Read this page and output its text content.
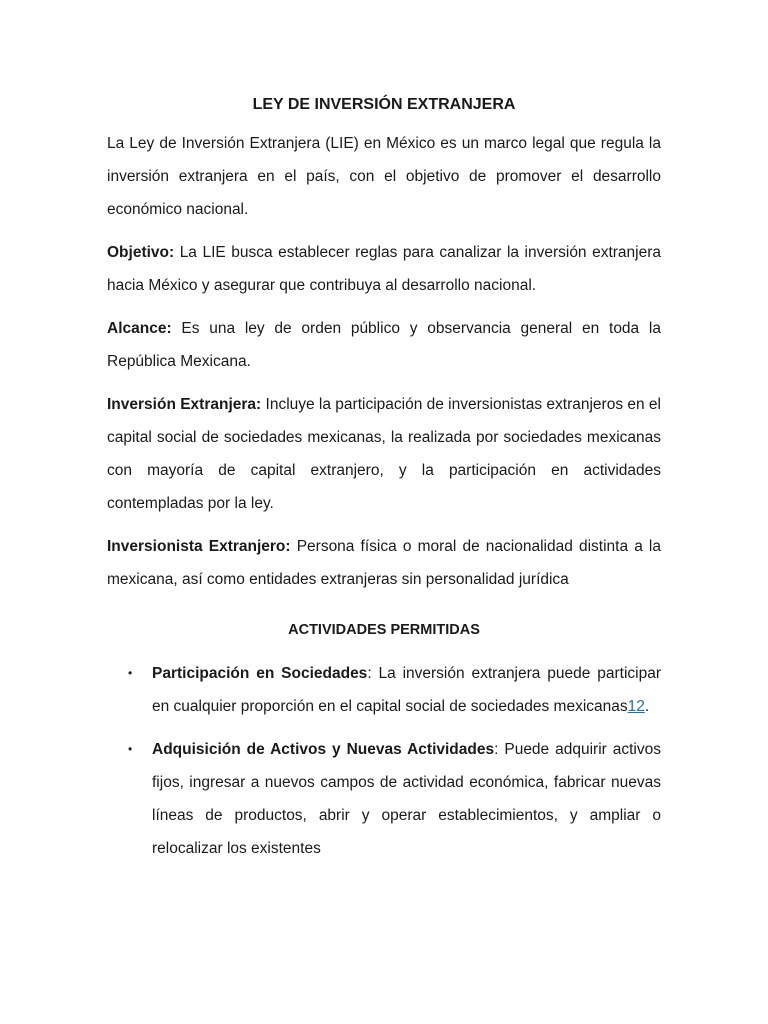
LEY DE INVERSIÓN EXTRANJERA

La Ley de Inversión Extranjera (LIE) en México es un marco legal que regula la inversión extranjera en el país, con el objetivo de promover el desarrollo económico nacional.

Objetivo: La LIE busca establecer reglas para canalizar la inversión extranjera hacia México y asegurar que contribuya al desarrollo nacional.

Alcance: Es una ley de orden público y observancia general en toda la República Mexicana.

Inversión Extranjera: Incluye la participación de inversionistas extranjeros en el capital social de sociedades mexicanas, la realizada por sociedades mexicanas con mayoría de capital extranjero, y la participación en actividades contempladas por la ley.

Inversionista Extranjero: Persona física o moral de nacionalidad distinta a la mexicana, así como entidades extranjeras sin personalidad jurídica

ACTIVIDADES PERMITIDAS
• Participación en Sociedades: La inversión extranjera puede participar en cualquier proporción en el capital social de sociedades mexicanas12.
• Adquisición de Activos y Nuevas Actividades: Puede adquirir activos fijos, ingresar a nuevos campos de actividad económica, fabricar nuevas líneas de productos, abrir y operar establecimientos, y ampliar o relocalizar los existentes
